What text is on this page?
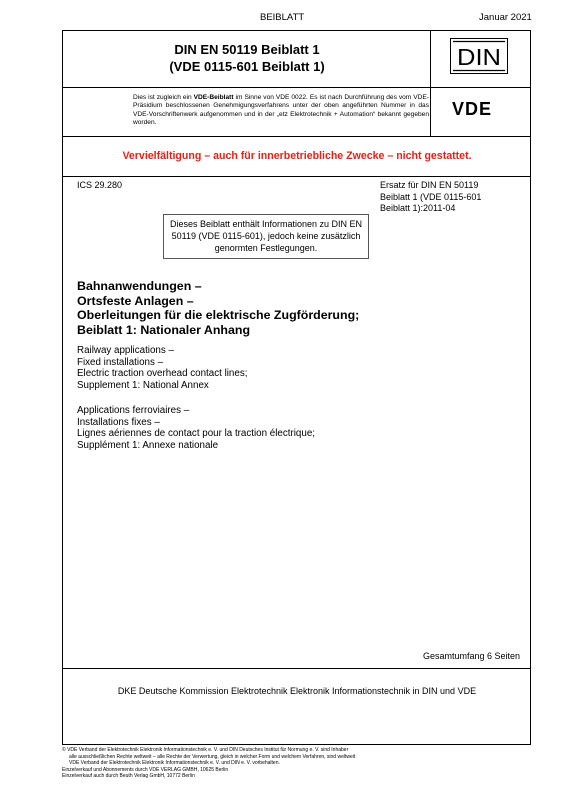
BEIBLATT	Januar 2021
DIN EN 50119 Beiblatt 1
(VDE 0115-601 Beiblatt 1)	DIN
VDE
Dies ist zugleich ein VDE-Beiblatt im Sinne von VDE 0022. Es ist nach Durchführung des vom VDE-Präsidium beschlossenen Genehmigungsverfahrens unter der oben angeführten Nummer in das VDE-Vorschriftenwerk aufgenommen und in der „etz Elektrotechnik + Automation“ bekannt gegeben worden.
Vervielfältigung – auch für innerbetriebliche Zwecke – nicht gestattet.
ICS 29.280	Ersatz für DIN EN 50119
Beiblatt 1 (VDE 0115-601
Beiblatt 1):2011-04
Dieses Beiblatt enthält Informationen zu DIN EN 50119 (VDE 0115-601), jedoch keine zusätzlich genormten Festlegungen.
Bahnanwendungen –
Ortsfeste Anlagen –
Oberleitungen für die elektrische Zugförderung;
Beiblatt 1: Nationaler Anhang
Railway applications –
Fixed installations –
Electric traction overhead contact lines;
Supplement 1: National Annex
Applications ferroviaires –
Installations fixes –
Lignes aériennes de contact pour la traction électrique;
Supplément 1: Annexe nationale
Gesamtumfang 6 Seiten
DKE Deutsche Kommission Elektrotechnik Elektronik Informationstechnik in DIN und VDE
© VDE Verband der Elektrotechnik Elektronik Informationstechnik e. V. und DIN Deutsches Institut für Normung e. V. sind Inhaber
alle ausschließlichen Rechte weltweit – alle Rechte der Verwertung, gleich in welcher Form und welchem Verfahren, sind weltweit
VDE Verband der Elektrotechnik Elektronik Informationstechnik e. V. und DIN e. V. vorbehalten.
Einzelverkauf und Abonnements durch VDE VERLAG GMBH, 10625 Berlin
Einzelverkauf auch durch Beuth Verlag GmbH, 10772 Berlin
